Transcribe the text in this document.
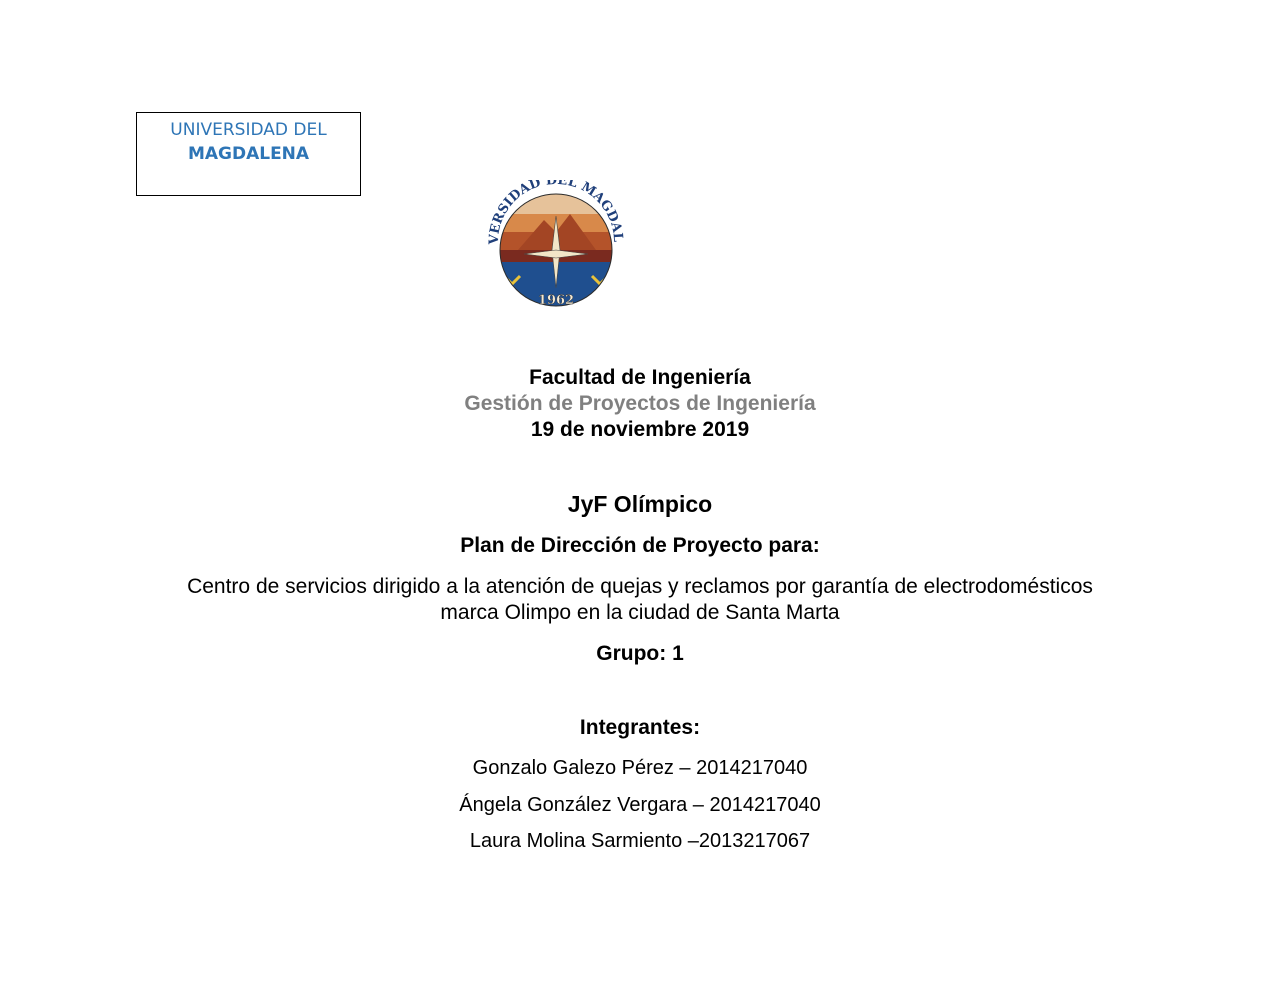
UNIVERSIDAD DEL
MAGDALENA
VERSIDAD DEL MAGDAL
1962
Facultad de Ingeniería
Gestión de Proyectos de Ingeniería
19 de noviembre 2019
JyF Olímpico
Plan de Dirección de Proyecto para:
Centro de servicios dirigido a la atención de quejas y reclamos por garantía de electrodomésticos
marca Olimpo en la ciudad de Santa Marta
Grupo: 1
Integrantes:
Gonzalo Galezo Pérez – 2014217040
Ángela González Vergara – 2014217040
Laura Molina Sarmiento –2013217067
